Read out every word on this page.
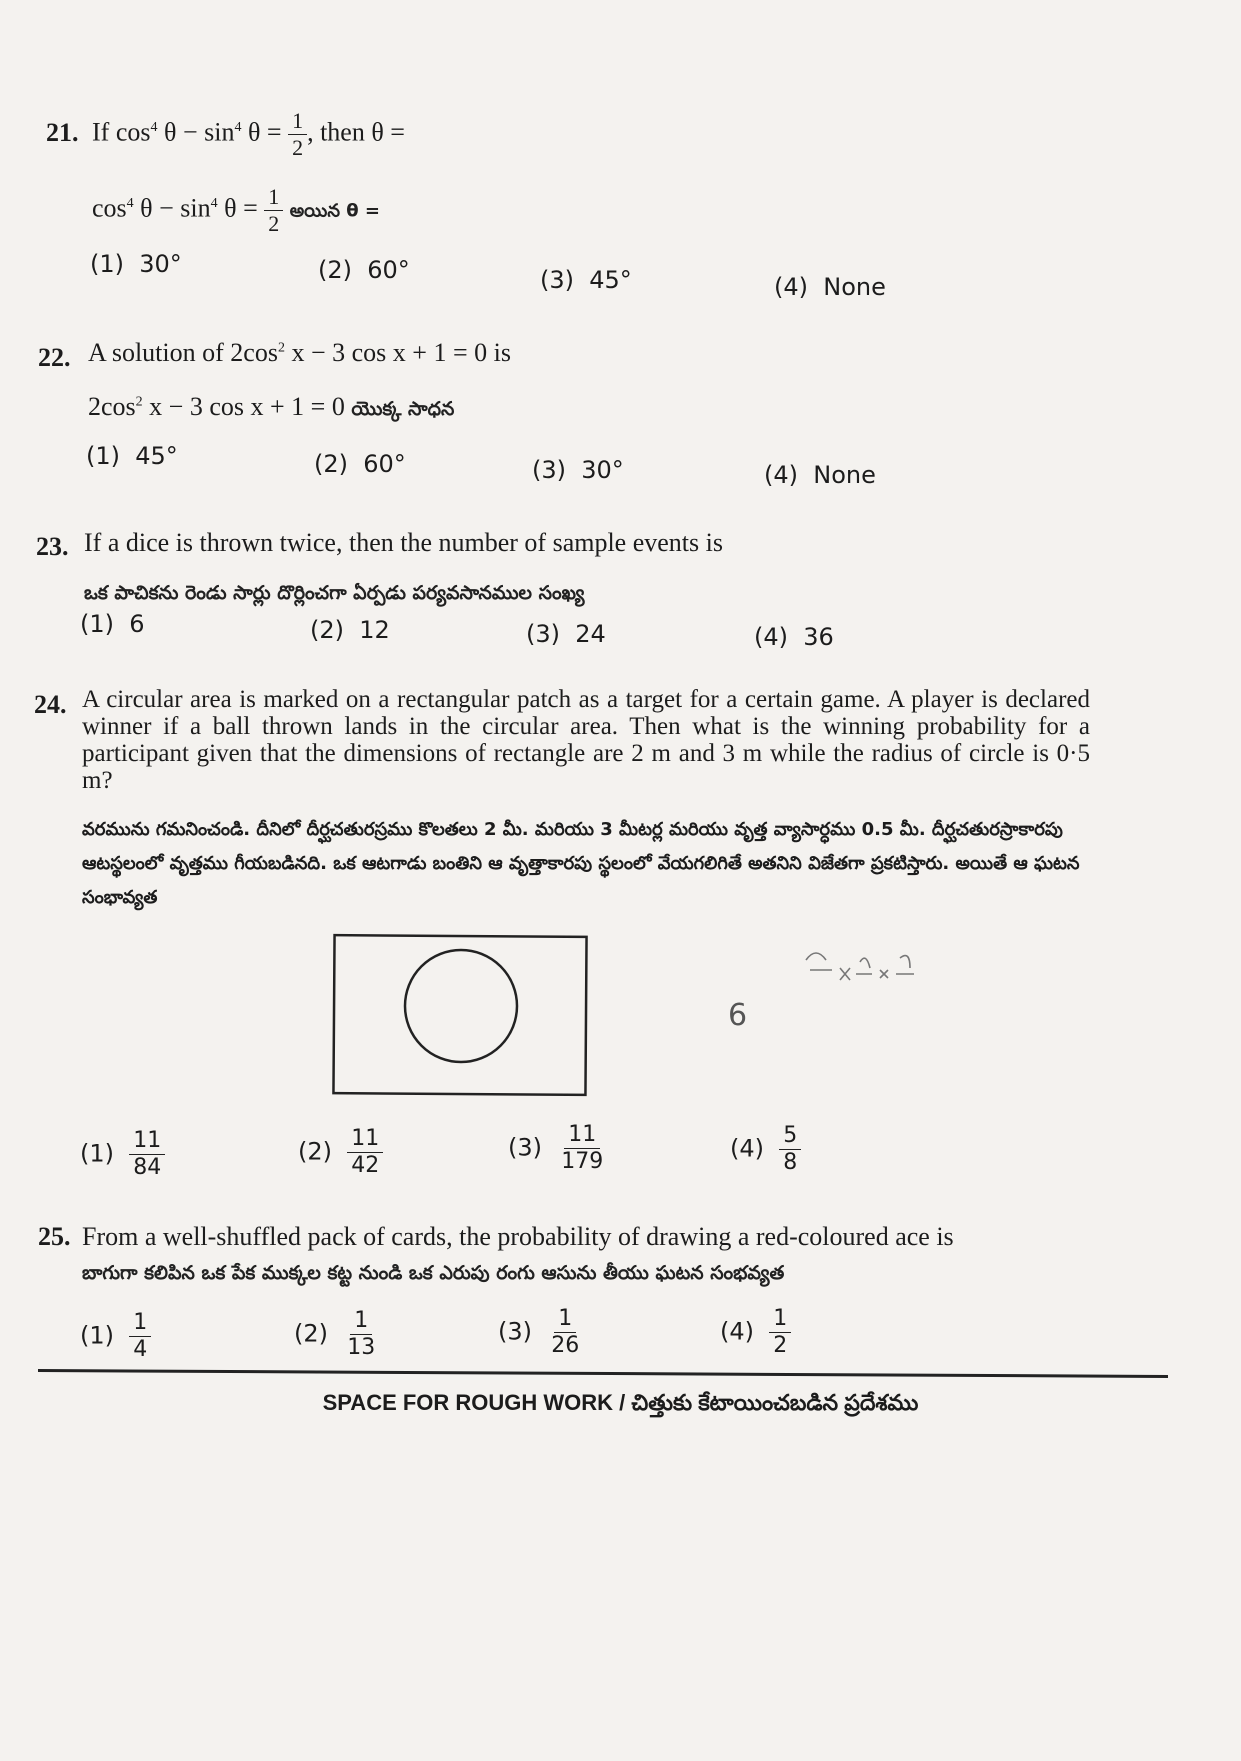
21. If $\cos^4 \theta - \sin^4 \theta = \frac{1}{2}$ , then θ =
$\cos^4 \theta - \sin^4 \theta = \frac{1}{2}$ అయిన θ =
(1) 30°	(2) 60°	(3) 45°	(4) None
22. A solution of $2\cos^2$ x − 3 cos x + 1 = 0 is
$2\cos^2$ x − 3 cos x + 1 = 0 యొక్క సాధన
(1) 45°	(2) 60°	(3) 30°	(4) None
23. If a dice is thrown twice, then the number of sample events is
ఒక పాచికను రెండు సార్లు దొర్లించగా ఏర్పడు పర్యవసానముల సంఖ్య
(1) 6	(2) 12	(3) 24	(4) 36
24. A circular area is marked on a rectangular patch as a target for a certain game. A player is declared winner if a ball thrown lands in the circular area. Then what is the winning probability for a participant given that the dimensions of rectangle are 2 m and 3 m while the radius of circle is 0·5 m?
వరమును గమనించండి. దీనిలో దీర్ఘచతురస్రము కొలతలు 2 మీ. మరియు 3 మీటర్ల మరియు వృత్త వ్యాసార్ధము 0.5 మీ. దీర్ఘచతురస్రాకారపు ఆటస్థలంలో వృత్తము గీయబడినది. ఒక ఆటగాడు బంతిని ఆ వృత్తాకారపు స్థలంలో వేయగలిగితే అతనిని విజేతగా ప్రకటిస్తారు. అయితే ఆ ఘటన సంభావ్యత
6
$(1) \frac{11}{84}$	$(2) \frac{11}{42}$	$(3) \frac{11}{179}$	$(4) \frac{5}{8}$
25. From a well-shuffled pack of cards, the probability of drawing a red-coloured ace is
బాగుగా కలిపిన ఒక పేక ముక్కల కట్ట నుండి ఒక ఎరుపు రంగు ఆసును తీయు ఘటన సంభవ్యత
$(1) \frac{1}{4}$	$(2) \frac{1}{13}$	$(3) \frac{1}{26}$	$(4) \frac{1}{2}$
SPACE FOR ROUGH WORK / చిత్తుకు కేటాయించబడిన ప్రదేశము
